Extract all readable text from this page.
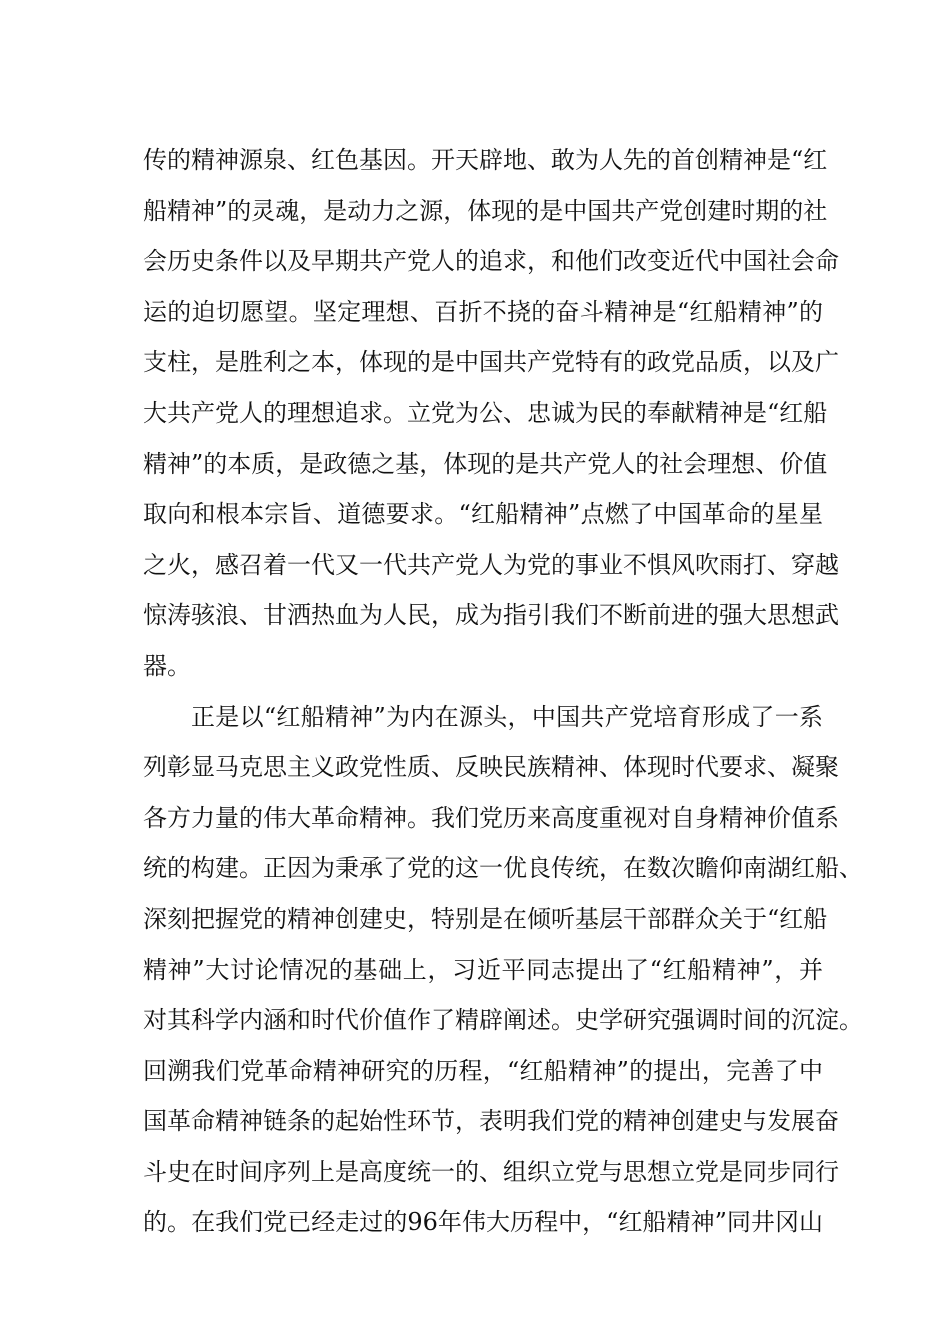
传的精神源泉、红色基因。开天辟地、敢为人先的首创精神是“红
船精神”的灵魂，是动力之源，体现的是中国共产党创建时期的社
会历史条件以及早期共产党人的追求，和他们改变近代中国社会命
运的迫切愿望。坚定理想、百折不挠的奋斗精神是“红船精神”的
支柱，是胜利之本，体现的是中国共产党特有的政党品质，以及广
大共产党人的理想追求。立党为公、忠诚为民的奉献精神是“红船
精神”的本质，是政德之基，体现的是共产党人的社会理想、价值
取向和根本宗旨、道德要求。“红船精神”点燃了中国革命的星星
之火，感召着一代又一代共产党人为党的事业不惧风吹雨打、穿越
惊涛骇浪、甘洒热血为人民，成为指引我们不断前进的强大思想武
器。
正是以“红船精神”为内在源头，中国共产党培育形成了一系
列彰显马克思主义政党性质、反映民族精神、体现时代要求、凝聚
各方力量的伟大革命精神。我们党历来高度重视对自身精神价值系
统的构建。正因为秉承了党的这一优良传统，在数次瞻仰南湖红船、
深刻把握党的精神创建史，特别是在倾听基层干部群众关于“红船
精神”大讨论情况的基础上，习近平同志提出了“红船精神”，并
对其科学内涵和时代价值作了精辟阐述。史学研究强调时间的沉淀。
回溯我们党革命精神研究的历程，“红船精神”的提出，完善了中
国革命精神链条的起始性环节，表明我们党的精神创建史与发展奋
斗史在时间序列上是高度统一的、组织立党与思想立党是同步同行
的。在我们党已经走过的96年伟大历程中，“红船精神”同井冈山
